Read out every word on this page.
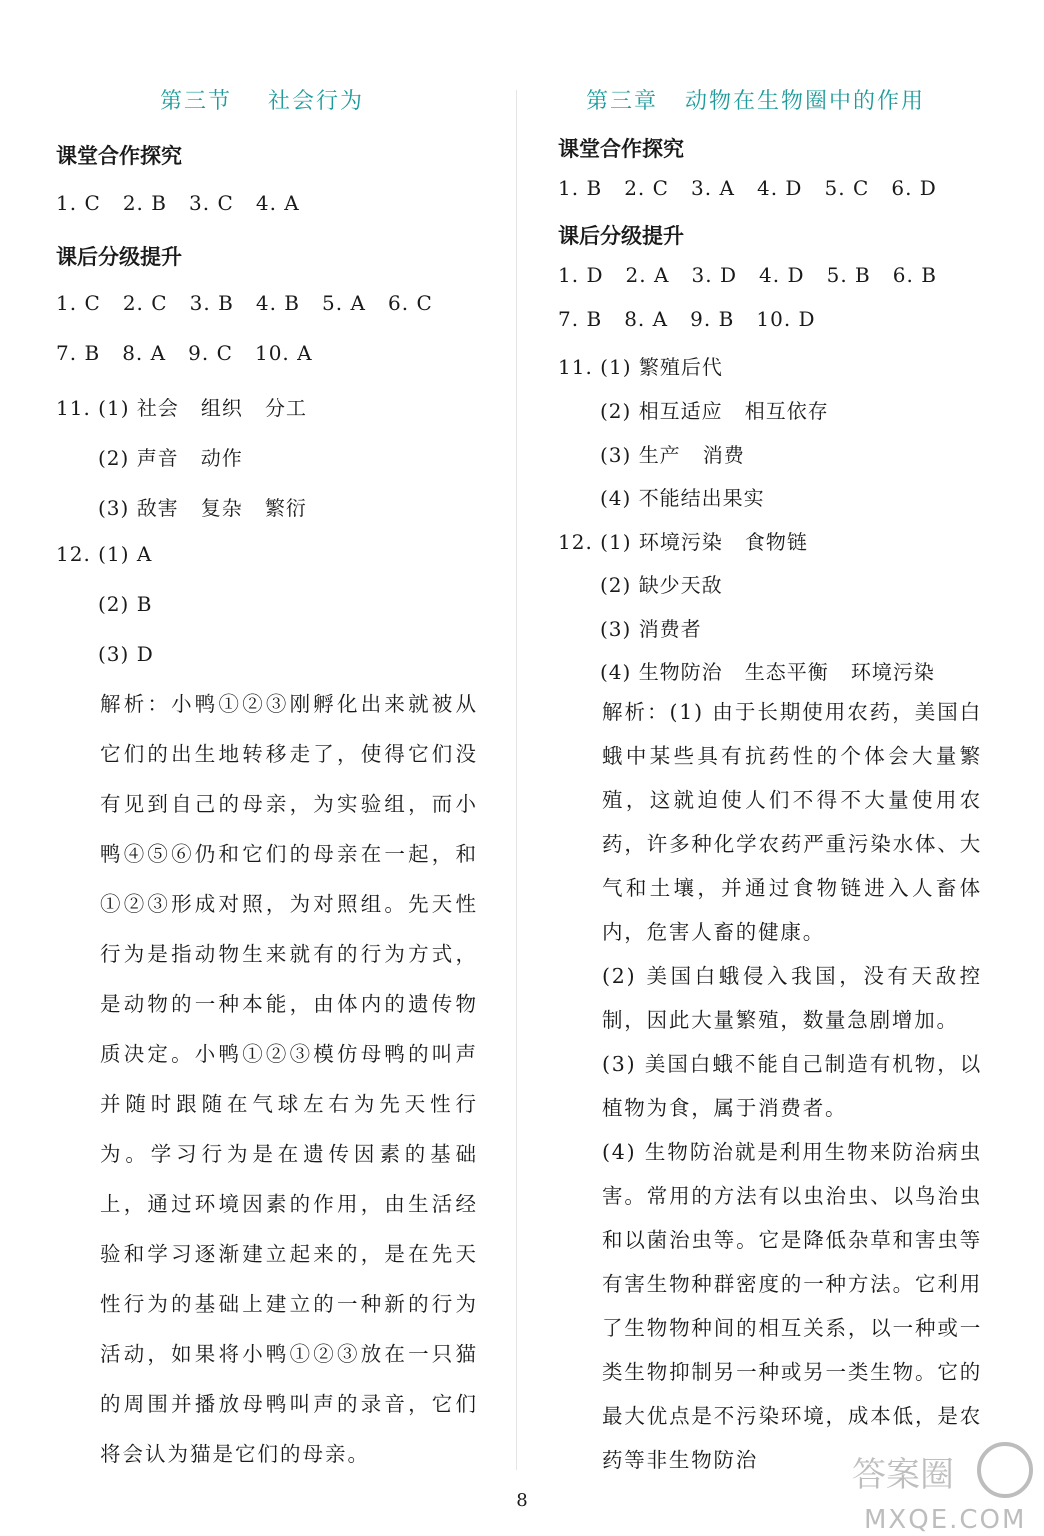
第三节 社会行为
课堂合作探究
1. C   2. B   3. C   4. A
课后分级提升
1. C   2. C   3. B   4. B   5. A   6. C
7. B   8. A   9. C   10. A
11. (1) 社会   组织   分工
(2) 声音   动作
(3) 敌害   复杂   繁衍
12. (1) A
(2) B
(3) D
解析：小鸭①②③刚孵化出来就被从它们的出生地转移走了，使得它们没有见到自己的母亲，为实验组，而小鸭④⑤⑥仍和它们的母亲在一起，和①②③形成对照，为对照组。先天性行为是指动物生来就有的行为方式，是动物的一种本能，由体内的遗传物质决定。小鸭①②③模仿母鸭的叫声并随时跟随在气球左右为先天性行为。学习行为是在遗传因素的基础上，通过环境因素的作用，由生活经验和学习逐渐建立起来的，是在先天性行为的基础上建立的一种新的行为活动，如果将小鸭①②③放在一只猫的周围并播放母鸭叫声的录音，它们将会认为猫是它们的母亲。
第三章 动物在生物圈中的作用
课堂合作探究
1. B   2. C   3. A   4. D   5. C   6. D
课后分级提升
1. D   2. A   3. D   4. D   5. B   6. B
7. B   8. A   9. B   10. D
11. (1) 繁殖后代
(2) 相互适应   相互依存
(3) 生产   消费
(4) 不能结出果实
12. (1) 环境污染   食物链
(2) 缺少天敌
(3) 消费者
(4) 生物防治   生态平衡   环境污染
解析：(1) 由于长期使用农药，美国白蛾中某些具有抗药性的个体会大量繁殖，这就迫使人们不得不大量使用农药，许多种化学农药严重污染水体、大气和土壤，并通过食物链进入人畜体内，危害人畜的健康。
(2) 美国白蛾侵入我国，没有天敌控制，因此大量繁殖，数量急剧增加。
(3) 美国白蛾不能自己制造有机物，以植物为食，属于消费者。
(4) 生物防治就是利用生物来防治病虫害。常用的方法有以虫治虫、以鸟治虫和以菌治虫等。它是降低杂草和害虫等有害生物种群密度的一种方法。它利用了生物物种间的相互关系，以一种或一类生物抑制另一种或另一类生物。它的最大优点是不污染环境，成本低，是农药等非生物防治
8
答案圈
MXQE.COM
